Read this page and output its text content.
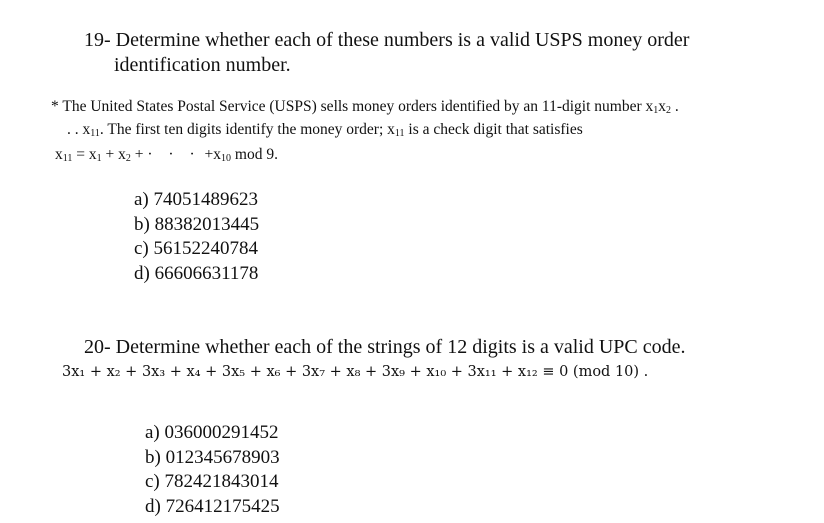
19- Determine whether each of these numbers is a valid USPS money order
identification number.
* The United States Postal Service (USPS) sells money orders identified by an 11-digit number $x_1x_2$ .
. . $x_{11}$. The first ten digits identify the money order; $x_{11}$ is a check digit that satisfies
$x_{11} = x_1 + x_2$ + · · · $+x_{10}$ mod 9.
a) 74051489623
b) 88382013445
c) 56152240784
d) 66606631178
20- Determine whether each of the strings of 12 digits is a valid UPC code.
3x₁ + x₂ + 3x₃ + x₄ + 3x₅ + x₆ + 3x₇ + x₈ + 3x₉ + x₁₀ + 3x₁₁ + x₁₂ ≡ 0 (mod 10) .
a) 036000291452
b) 012345678903
c) 782421843014
d) 726412175425
